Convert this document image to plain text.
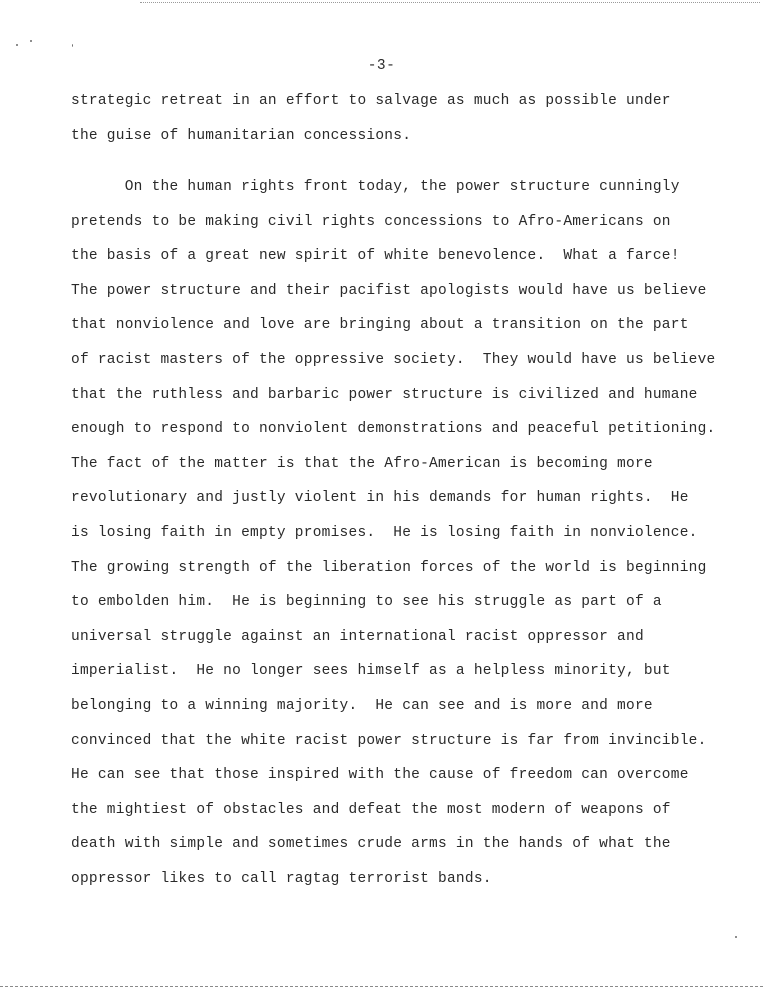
-3-
strategic retreat in an effort to salvage as much as possible under
the guise of humanitarian concessions.
On the human rights front today, the power structure cunningly
pretends to be making civil rights concessions to Afro-Americans on
the basis of a great new spirit of white benevolence.  What a farce!
The power structure and their pacifist apologists would have us believe
that nonviolence and love are bringing about a transition on the part
of racist masters of the oppressive society.  They would have us believe
that the ruthless and barbaric power structure is civilized and humane
enough to respond to nonviolent demonstrations and peaceful petitioning.
The fact of the matter is that the Afro-American is becoming more
revolutionary and justly violent in his demands for human rights.  He
is losing faith in empty promises.  He is losing faith in nonviolence.
The growing strength of the liberation forces of the world is beginning
to embolden him.  He is beginning to see his struggle as part of a
universal struggle against an international racist oppressor and
imperialist.  He no longer sees himself as a helpless minority, but
belonging to a winning majority.  He can see and is more and more
convinced that the white racist power structure is far from invincible.
He can see that those inspired with the cause of freedom can overcome
the mightiest of obstacles and defeat the most modern of weapons of
death with simple and sometimes crude arms in the hands of what the
oppressor likes to call ragtag terrorist bands.
